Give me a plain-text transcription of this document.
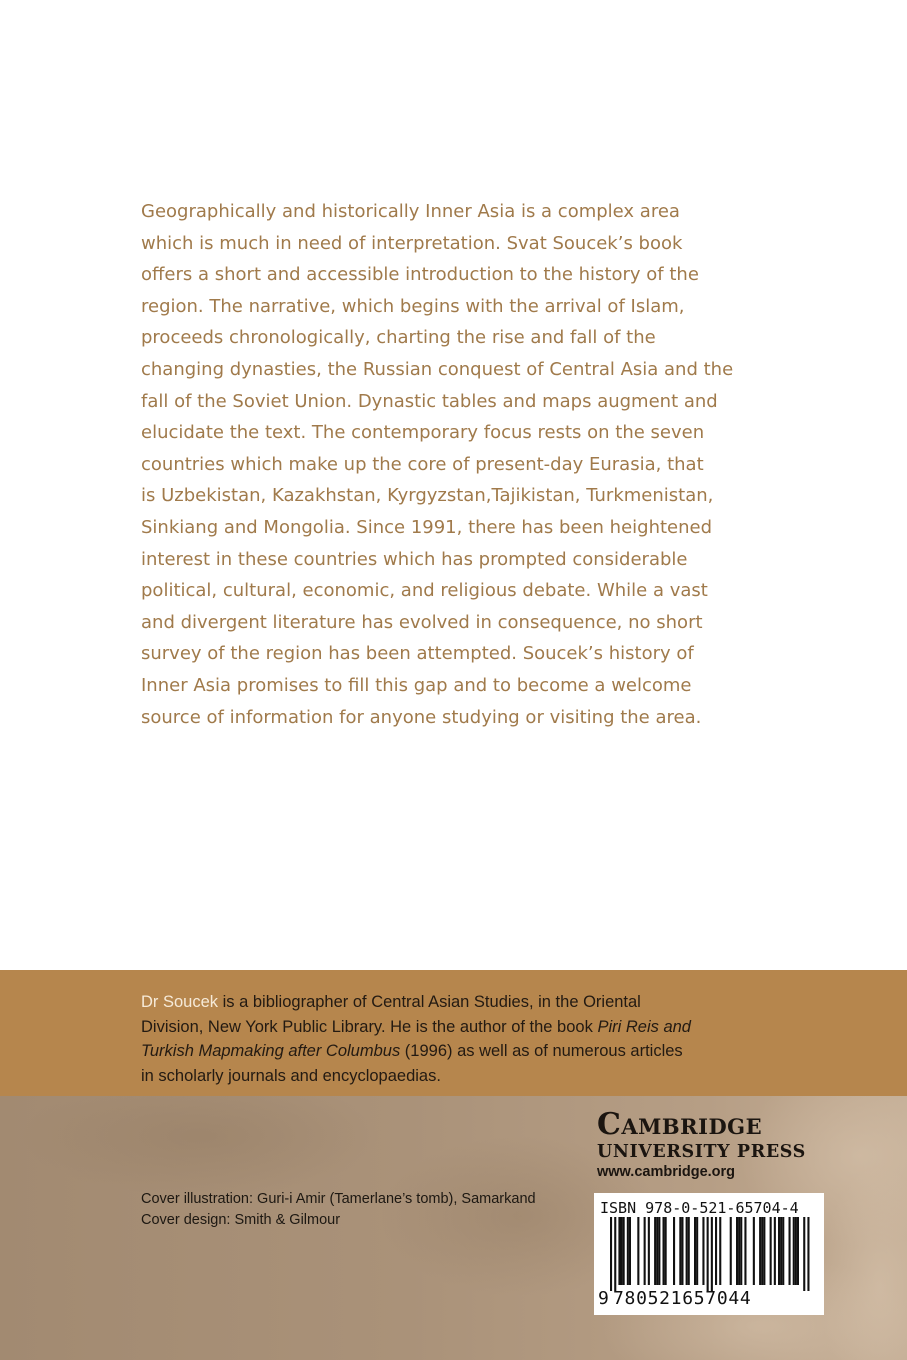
Geographically and historically Inner Asia is a complex area
which is much in need of interpretation. Svat Soucek’s book
offers a short and accessible introduction to the history of the
region. The narrative, which begins with the arrival of Islam,
proceeds chronologically, charting the rise and fall of the
changing dynasties, the Russian conquest of Central Asia and the
fall of the Soviet Union. Dynastic tables and maps augment and
elucidate the text. The contemporary focus rests on the seven
countries which make up the core of present-day Eurasia, that
is Uzbekistan, Kazakhstan, Kyrgyzstan,Tajikistan, Turkmenistan,
Sinkiang and Mongolia. Since 1991, there has been heightened
interest in these countries which has prompted considerable
political, cultural, economic, and religious debate. While a vast
and divergent literature has evolved in consequence, no short
survey of the region has been attempted. Soucek’s history of
Inner Asia promises to fill this gap and to become a welcome
source of information for anyone studying or visiting the area.
Dr Soucek is a bibliographer of Central Asian Studies, in the Oriental
Division, New York Public Library. He is the author of the book Piri Reis and
Turkish Mapmaking after Columbus (1996) as well as of numerous articles
in scholarly journals and encyclopaedias.
Cover illustration: Guri-i Amir (Tamerlane’s tomb), Samarkand
Cover design: Smith & Gilmour
Cambridge
UNIVERSITY PRESS
www.cambridge.org
ISBN 978-0-521-65704-4
9 780521657044
